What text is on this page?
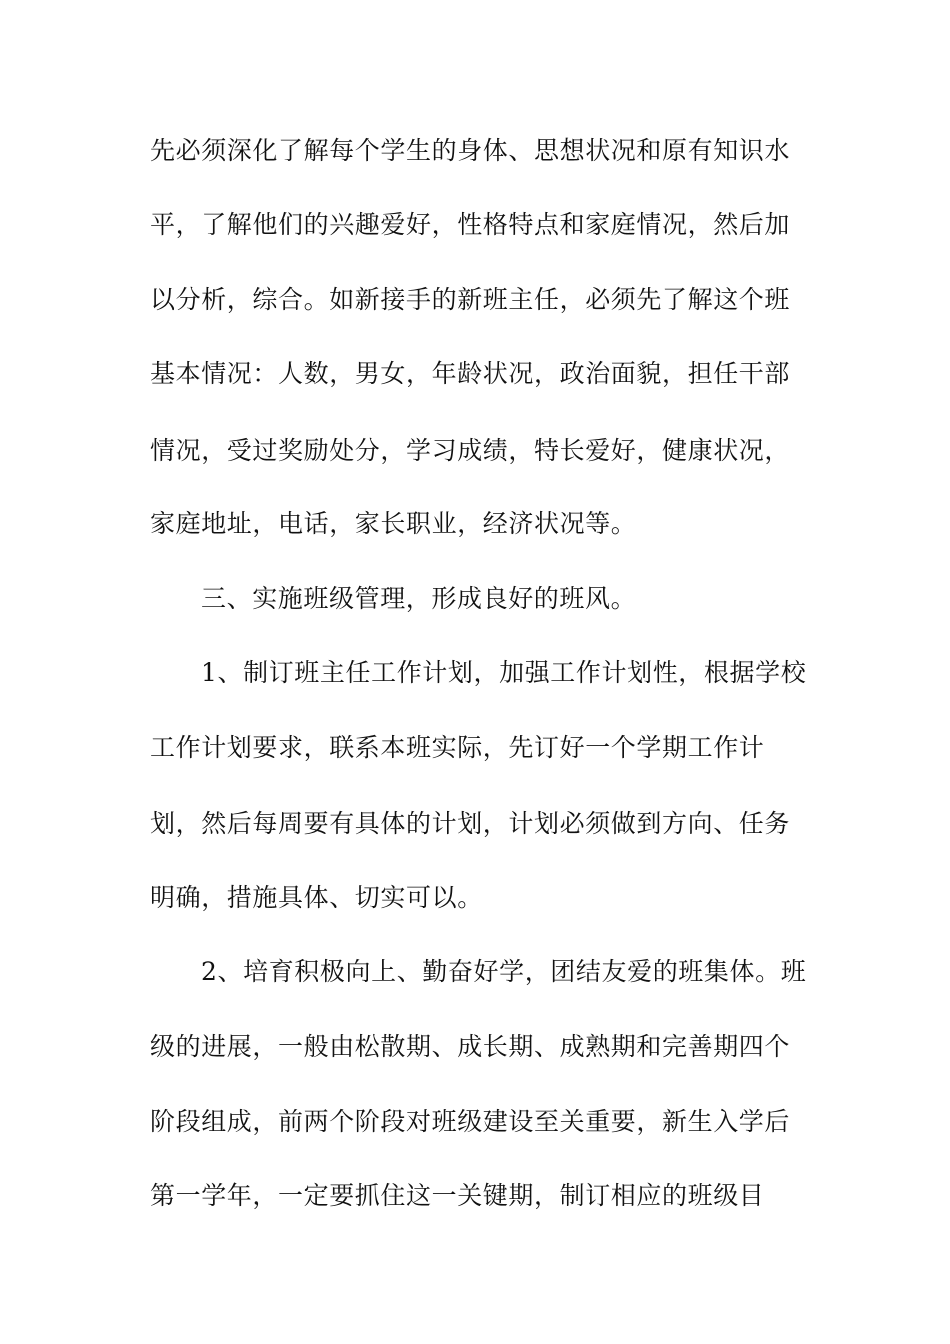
先必须深化了解每个学生的身体、思想状况和原有知识水
平，了解他们的兴趣爱好，性格特点和家庭情况，然后加
以分析，综合。如新接手的新班主任，必须先了解这个班
基本情况：人数，男女，年龄状况，政治面貌，担任干部
情况，受过奖励处分，学习成绩，特长爱好，健康状况，
家庭地址，电话，家长职业，经济状况等。
三、实施班级管理，形成良好的班风。
1、制订班主任工作计划，加强工作计划性，根据学校
工作计划要求，联系本班实际，先订好一个学期工作计
划，然后每周要有具体的计划，计划必须做到方向、任务
明确，措施具体、切实可以。
2、培育积极向上、勤奋好学，团结友爱的班集体。班
级的进展，一般由松散期、成长期、成熟期和完善期四个
阶段组成，前两个阶段对班级建设至关重要，新生入学后
第一学年，一定要抓住这一关键期，制订相应的班级目
